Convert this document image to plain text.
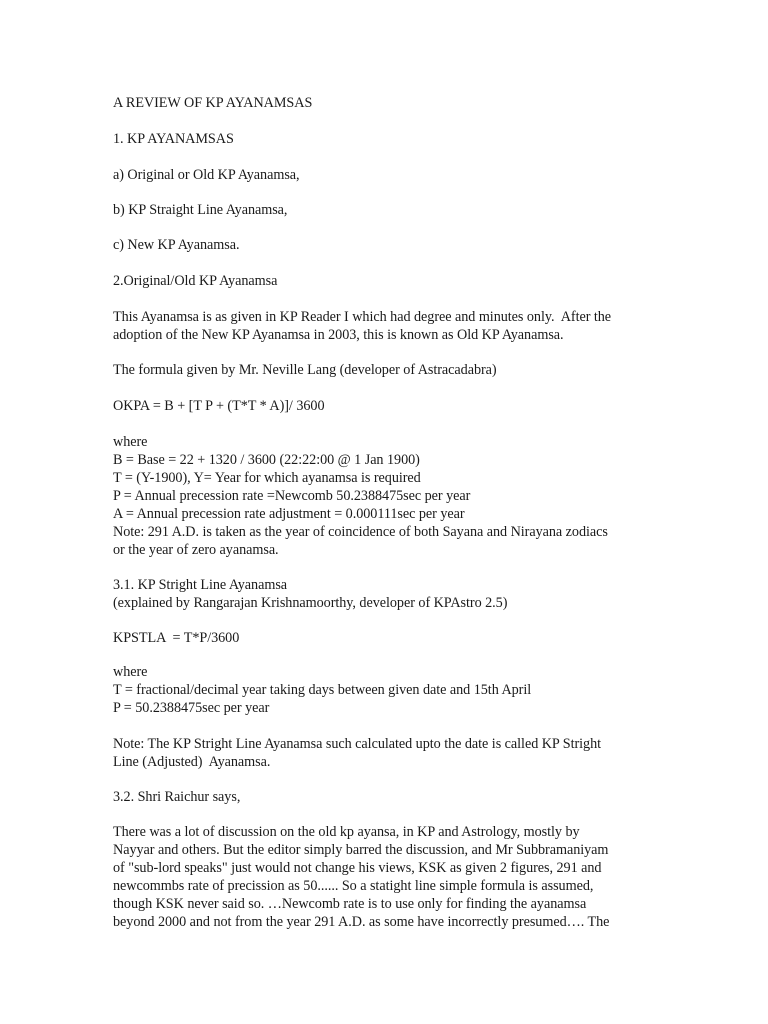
A REVIEW OF KP AYANAMSAS
1. KP AYANAMSAS
a) Original or Old KP Ayanamsa,
b) KP Straight Line Ayanamsa,
c) New KP Ayanamsa.
2.Original/Old KP Ayanamsa
This Ayanamsa is as given in KP Reader I which had degree and minutes only.  After the
adoption of the New KP Ayanamsa in 2003, this is known as Old KP Ayanamsa.
The formula given by Mr. Neville Lang (developer of Astracadabra)
OKPA = B + [T P + (T*T * A)]/ 3600
where
B = Base = 22 + 1320 / 3600 (22:22:00 @ 1 Jan 1900)
T = (Y-1900), Y= Year for which ayanamsa is required
P = Annual precession rate =Newcomb 50.2388475sec per year
A = Annual precession rate adjustment = 0.000111sec per year
Note: 291 A.D. is taken as the year of coincidence of both Sayana and Nirayana zodiacs
or the year of zero ayanamsa.
3.1. KP Stright Line Ayanamsa
(explained by Rangarajan Krishnamoorthy, developer of KPAstro 2.5)
KPSTLA  = T*P/3600
where
T = fractional/decimal year taking days between given date and 15th April
P = 50.2388475sec per year
Note: The KP Stright Line Ayanamsa such calculated upto the date is called KP Stright
Line (Adjusted)  Ayanamsa.
3.2. Shri Raichur says,
There was a lot of discussion on the old kp ayansa, in KP and Astrology, mostly by
Nayyar and others. But the editor simply barred the discussion, and Mr Subbramaniyam
of "sub-lord speaks" just would not change his views, KSK as given 2 figures, 291 and
newcommbs rate of precission as 50...... So a statight line simple formula is assumed,
though KSK never said so. …Newcomb rate is to use only for finding the ayanamsa
beyond 2000 and not from the year 291 A.D. as some have incorrectly presumed…. The
